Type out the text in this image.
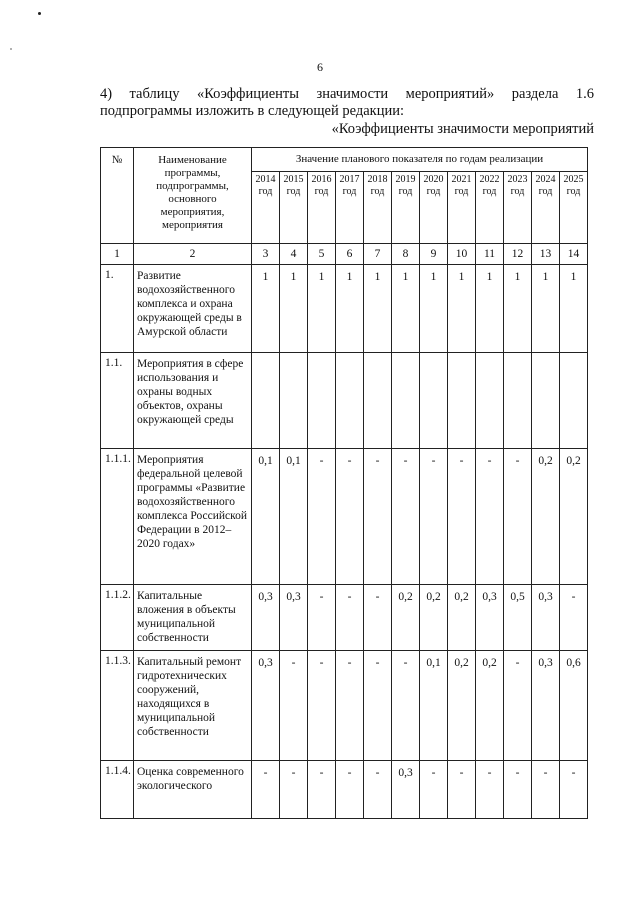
6
4) таблицу «Коэффициенты значимости мероприятий» раздела 1.6
подпрограммы изложить в следующей редакции:
«Коэффициенты значимости мероприятий
№	Наименование программы, подпрограммы, основного мероприятия, мероприятия	Значение планового показателя по годам реализации											
		2014 год	2015 год	2016 год	2017 год	2018 год	2019 год	2020 год	2021 год	2022 год	2023 год	2024 год	2025 год
1	2	3	4	5	6	7	8	9	10	11	12	13	14
1.	Развитие водохозяйственного комплекса и охрана окружающей среды в Амурской области	1	1	1	1	1	1	1	1	1	1	1	1
1.1.	Мероприятия в сфере использования и охраны водных объектов, охраны окружающей среды												
1.1.1.	Мероприятия федеральной целевой программы «Развитие водохозяйственного комплекса Российской Федерации в 2012–2020 годах»	0,1	0,1	-	-	-	-	-	-	-	-	0,2	0,2
1.1.2.	Капитальные вложения в объекты муниципальной собственности	0,3	0,3	-	-	-	0,2	0,2	0,2	0,3	0,5	0,3	-
1.1.3.	Капитальный ремонт гидротехнических сооружений, находящихся в муниципальной собственности	0,3	-	-	-	-	-	0,1	0,2	0,2	-	0,3	0,6
1.1.4.	Оценка современного экологического	-	-	-	-	-	0,3	-	-	-	-	-	-
